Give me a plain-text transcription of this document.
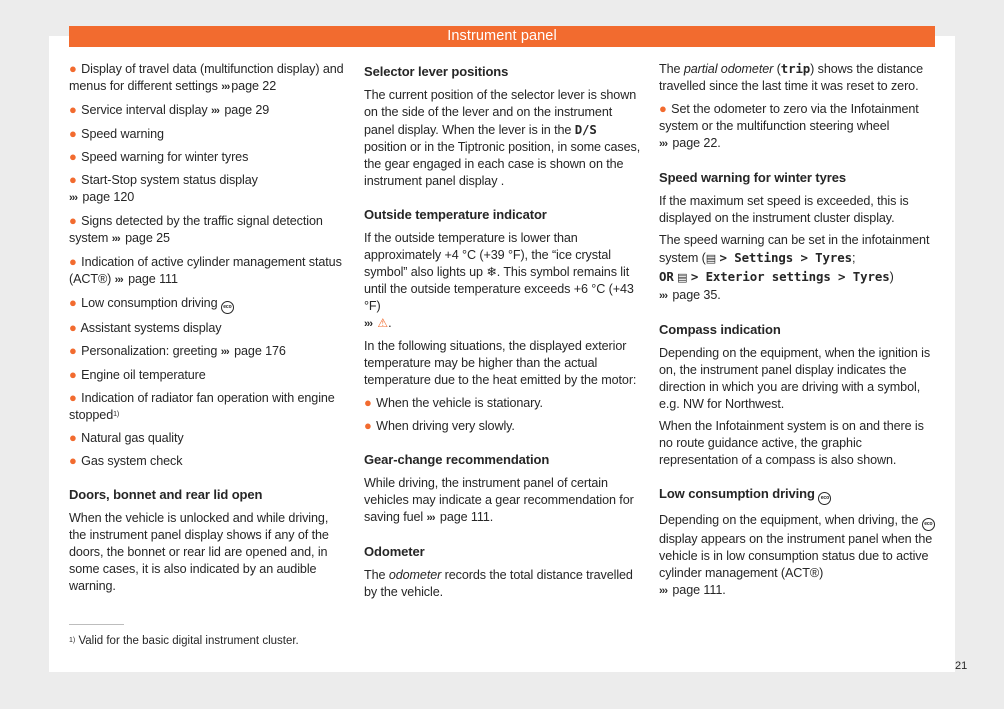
Instrument panel
● Display of travel data (multifunction display) and menus for different settings ››› page 22
● Service interval display ››› page 29
● Speed warning
● Speed warning for winter tyres
● Start-Stop system status display
››› page 120
● Signs detected by the traffic signal detection system ››› page 25
● Indication of active cylinder management status (ACT®) ››› page 111
● Low consumption driving eco
● Assistant systems display
● Personalization: greeting ››› page 176
● Engine oil temperature
● Indication of radiator fan operation with engine stopped$^{1)}$
● Natural gas quality
● Gas system check
Doors, bonnet and rear lid open

When the vehicle is unlocked and while driving, the instrument panel display shows if any of the doors, the bonnet or rear lid are opened and, in some cases, it is also indicated by an audible warning.

Selector lever positions

The current position of the selector lever is shown on the side of the lever and on the instrument panel display. When the lever is in the D/S position or in the Tiptronic position, in some cases, the gear engaged in each case is shown on the instrument panel display .

Outside temperature indicator

If the outside temperature is lower than approximately +4 °C (+39 °F), the “ice crystal symbol” also lights up ❄. This symbol remains lit until the outside temperature exceeds +6 °C (+43 °F)
››› ⚠.

In the following situations, the displayed exterior temperature may be higher than the actual temperature due to the heat emitted by the motor:

● When the vehicle is stationary.
● When driving very slowly.
Gear-change recommendation

While driving, the instrument panel of certain vehicles may indicate a gear recommendation for saving fuel ››› page 111.

Odometer

The odometer records the total distance travelled by the vehicle.

The partial odometer (trip) shows the distance travelled since the last time it was reset to zero.

● Set the odometer to zero via the Infotainment system or the multifunction steering wheel
››› page 22.
Speed warning for winter tyres

If the maximum set speed is exceeded, this is displayed on the instrument cluster display.

The speed warning can be set in the infotainment system (▤ > Settings > Tyres;
OR ▤ > Exterior settings > Tyres)
››› page 35.

Compass indication

Depending on the equipment, when the ignition is on, the instrument panel display indicates the direction in which you are driving with a symbol, e.g. NW for Northwest.

When the Infotainment system is on and there is no route guidance active, the graphic representation of a compass is also shown.

Low consumption driving eco

Depending on the equipment, when driving, the eco display appears on the instrument panel when the vehicle is in low consumption status due to active cylinder management (ACT®)
››› page 111.

$^{1)}$ Valid for the basic digital instrument cluster.
21
